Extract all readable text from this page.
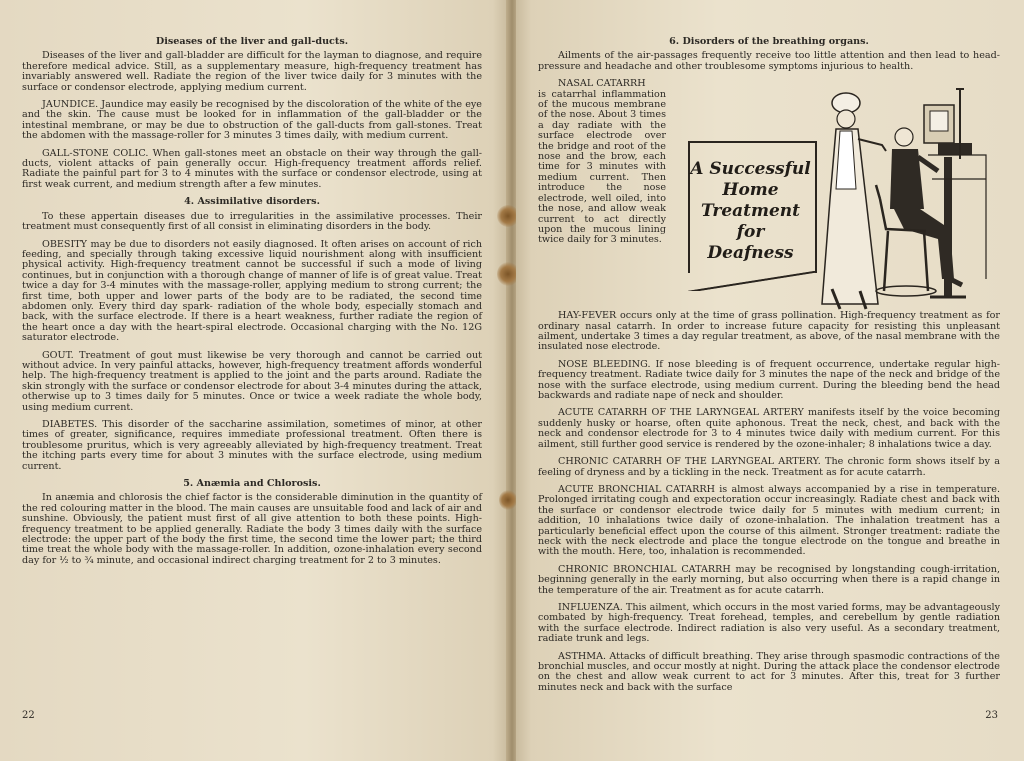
Diseases of the liver and gall-ducts.

Diseases of the liver and gall-bladder are difficult for the layman to diagnose, and require therefore medical advice. Still, as a supplementary measure, high-frequency treatment has invariably answered well. Radiate the region of the liver twice daily for 3 minutes with the surface or condensor electrode, applying medium current.

JAUNDICE. Jaundice may easily be recognised by the discoloration of the white of the eye and the skin. The cause must be looked for in inflammation of the gall-bladder or the intestinal membrane, or may be due to obstruction of the gall-ducts from gall-stones. Treat the abdomen with the massage-roller for 3 minutes 3 times daily, with medium current.

GALL-STONE COLIC. When gall-stones meet an obstacle on their way through the gall-ducts, violent attacks of pain generally occur. High-frequency treatment affords relief. Radiate the painful part for 3 to 4 minutes with the surface or condensor electrode, using at first weak current, and medium strength after a few minutes.

4. Assimilative disorders.

To these appertain diseases due to irregularities in the assimilative processes. Their treatment must consequently first of all consist in eliminating disorders in the body.

OBESITY may be due to disorders not easily diagnosed. It often arises on account of rich feeding, and specially through taking excessive liquid nourishment along with insufficient physical activity. High-frequency treatment cannot be successful if such a mode of living continues, but in conjunction with a thorough change of manner of life is of great value. Treat twice a day for 3-4 minutes with the massage-roller, applying medium to strong current; the first time, both upper and lower parts of the body are to be radiated, the second time abdomen only. Every third day spark- radiation of the whole body, especially stomach and back, with the surface electrode. If there is a heart weakness, further radiate the region of the heart once a day with the heart-spiral electrode. Occasional charging with the No. 12G saturator electrode.

GOUT. Treatment of gout must likewise be very thorough and cannot be carried out without advice. In very painful attacks, however, high-frequency treatment affords wonderful help. The high-frequency treatment is applied to the joint and the parts around. Radiate the skin strongly with the surface or condensor electrode for about 3-4 minutes during the attack, otherwise up to 3 times daily for 5 minutes. Once or twice a week radiate the whole body, using medium current.

DIABETES. This disorder of the saccharine assimilation, sometimes of minor, at other times of greater, significance, requires immediate professional treatment. Often there is troublesome pruritus, which is very agreeably alleviated by high-frequency treatment. Treat the itching parts every time for about 3 minutes with the surface electrode, using medium current.

5. Anæmia and Chlorosis.

In anæmia and chlorosis the chief factor is the considerable diminution in the quantity of the red colouring matter in the blood. The main causes are unsuitable food and lack of air and sunshine. Obviously, the patient must first of all give attention to both these points. High-frequency treatment to be applied generally. Radiate the body 3 times daily with the surface electrode: the upper part of the body the first time, the second time the lower part; the third time treat the whole body with the massage-roller. In addition, ozone-inhalation every second day for ½ to ¾ minute, and occasional indirect charging treatment for 2 to 3 minutes.

22
6. Disorders of the breathing organs.

Ailments of the air-passages frequently receive too little attention and then lead to head-pressure and headache and other troublesome symptoms injurious to health.

NASAL CATARRH

is catarrhal inflammation of the mucous membrane of the nose. About 3 times a day radiate with the surface electrode over the bridge and root of the nose and the brow, each time for 3 minutes with medium current. Then introduce the nose electrode, well oiled, into the nose, and allow weak current to act directly upon the mucous lining twice daily for 3 minutes.

A Successful
Home
Treatment
for
Deafness

HAY-FEVER occurs only at the time of grass pollination. High-frequency treatment as for ordinary nasal catarrh. In order to increase future capacity for resisting this unpleasant ailment, undertake 3 times a day regular treatment, as above, of the nasal membrane with the insulated nose electrode.

NOSE BLEEDING. If nose bleeding is of frequent occurrence, undertake regular high-frequency treatment. Radiate twice daily for 3 minutes the nape of the neck and bridge of the nose with the surface electrode, using medium current. During the bleeding bend the head backwards and radiate nape of neck and shoulder.

ACUTE CATARRH OF THE LARYNGEAL ARTERY manifests itself by the voice becoming suddenly husky or hoarse, often quite aphonous. Treat the neck, chest, and back with the neck and condensor electrode for 3 to 4 minutes twice daily with medium current. For this ailment, still further good service is rendered by the ozone-inhaler; 8 inhalations twice a day.

CHRONIC CATARRH OF THE LARYNGEAL ARTERY. The chronic form shows itself by a feeling of dryness and by a tickling in the neck. Treatment as for acute catarrh.

ACUTE BRONCHIAL CATARRH is almost always accompanied by a rise in temperature. Prolonged irritating cough and expectoration occur increasingly. Radiate chest and back with the surface or condensor electrode twice daily for 5 minutes with medium current; in addition, 10 inhalations twice daily of ozone-inhalation. The inhalation treatment has a particularly beneficial effect upon the course of this ailment. Stronger treatment: radiate the neck with the neck electrode and place the tongue electrode on the tongue and breathe in with the mouth. Here, too, inhalation is recommended.

CHRONIC BRONCHIAL CATARRH may be recognised by longstanding cough-irritation, beginning generally in the early morning, but also occurring when there is a rapid change in the temperature of the air. Treatment as for acute catarrh.

INFLUENZA. This ailment, which occurs in the most varied forms, may be advantageously combated by high-frequency. Treat forehead, temples, and cerebellum by gentle radiation with the surface electrode. Indirect radiation is also very useful. As a secondary treatment, radiate trunk and legs.

ASTHMA. Attacks of difficult breathing. They arise through spasmodic contractions of the bronchial muscles, and occur mostly at night. During the attack place the condensor electrode on the chest and allow weak current to act for 3 minutes. After this, treat for 3 further minutes neck and back with the surface

23
